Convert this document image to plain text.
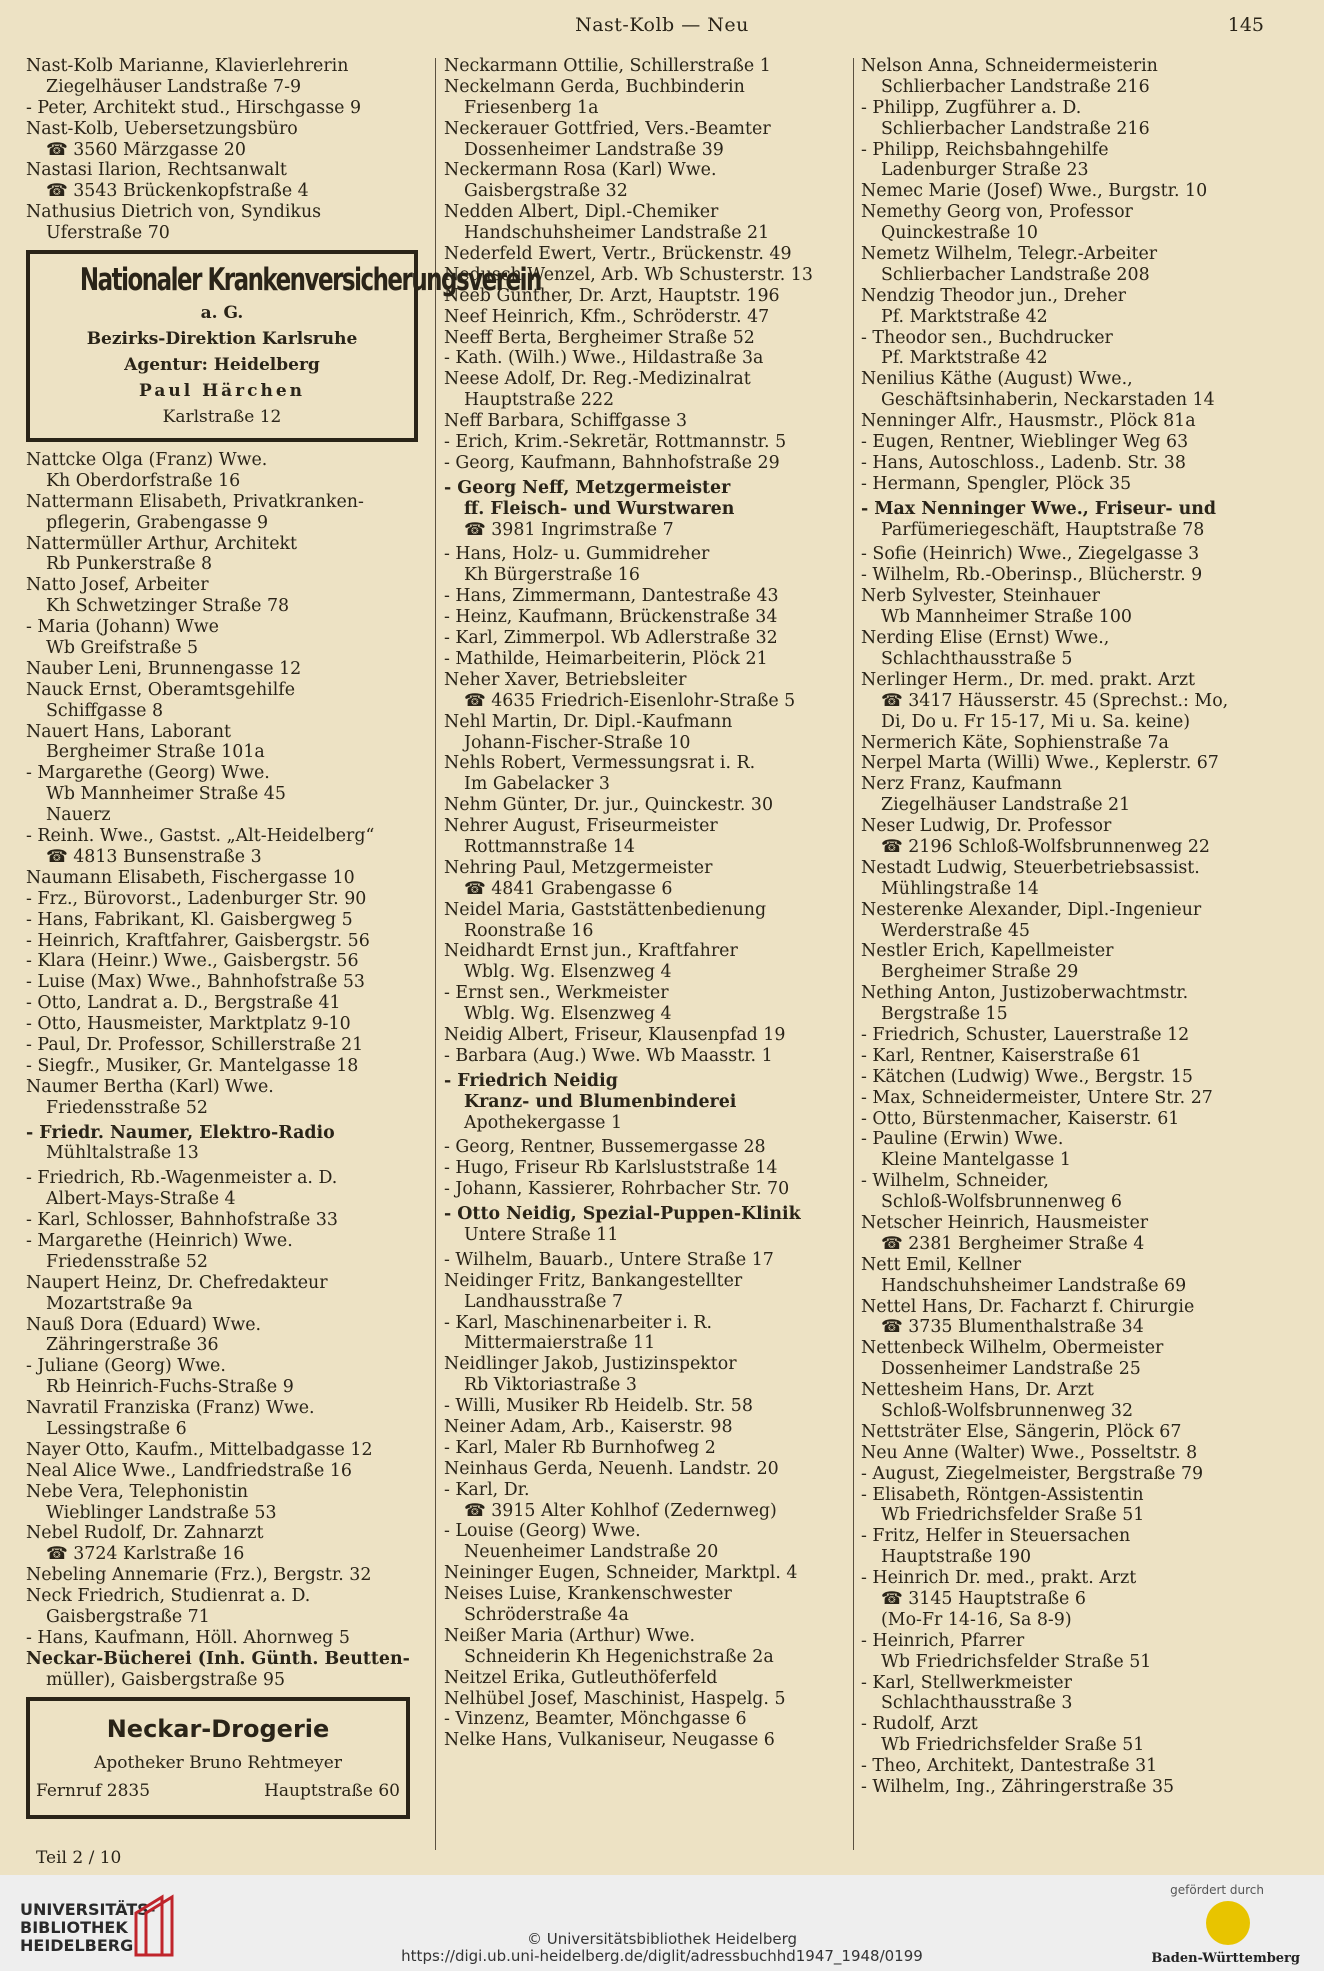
Nast-Kolb — Neu	145
Nast-Kolb Marianne, Klavierlehrerin
Ziegelhäuser Landstraße 7-9
- Peter, Architekt stud., Hirschgasse 9
Nast-Kolb, Uebersetzungsbüro
☎ 3560 Märzgasse 20
Nastasi Ilarion, Rechtsanwalt
☎ 3543 Brückenkopfstraße 4
Nathusius Dietrich von, Syndikus
Uferstraße 70
Nationaler Krankenversicherungsverein
a. G.
Bezirks-Direktion Karlsruhe
Agentur: Heidelberg
Paul Härchen
Karlstraße 12
Nattcke Olga (Franz) Wwe.
Kh Oberdorfstraße 16
Nattermann Elisabeth, Privatkranken-
pflegerin, Grabengasse 9
Nattermüller Arthur, Architekt
Rb Punkerstraße 8
Natto Josef, Arbeiter
Kh Schwetzinger Straße 78
- Maria (Johann) Wwe
Wb Greifstraße 5
Nauber Leni, Brunnengasse 12
Nauck Ernst, Oberamtsgehilfe
Schiffgasse 8
Nauert Hans, Laborant
Bergheimer Straße 101a
- Margarethe (Georg) Wwe.
Wb Mannheimer Straße 45
Nauerz
- Reinh. Wwe., Gastst. „Alt-Heidelberg“
☎ 4813 Bunsenstraße 3
Naumann Elisabeth, Fischergasse 10
- Frz., Bürovorst., Ladenburger Str. 90
- Hans, Fabrikant, Kl. Gaisbergweg 5
- Heinrich, Kraftfahrer, Gaisbergstr. 56
- Klara (Heinr.) Wwe., Gaisbergstr. 56
- Luise (Max) Wwe., Bahnhofstraße 53
- Otto, Landrat a. D., Bergstraße 41
- Otto, Hausmeister, Marktplatz 9-10
- Paul, Dr. Professor, Schillerstraße 21
- Siegfr., Musiker, Gr. Mantelgasse 18
Naumer Bertha (Karl) Wwe.
Friedensstraße 52
- Friedr. Naumer, Elektro-Radio
Mühltalstraße 13
- Friedrich, Rb.-Wagenmeister a. D.
Albert-Mays-Straße 4
- Karl, Schlosser, Bahnhofstraße 33
- Margarethe (Heinrich) Wwe.
Friedensstraße 52
Naupert Heinz, Dr. Chefredakteur
Mozartstraße 9a
Nauß Dora (Eduard) Wwe.
Zähringerstraße 36
- Juliane (Georg) Wwe.
Rb Heinrich-Fuchs-Straße 9
Navratil Franziska (Franz) Wwe.
Lessingstraße 6
Nayer Otto, Kaufm., Mittelbadgasse 12
Neal Alice Wwe., Landfriedstraße 16
Nebe Vera, Telephonistin
Wieblinger Landstraße 53
Nebel Rudolf, Dr. Zahnarzt
☎ 3724 Karlstraße 16
Nebeling Annemarie (Frz.), Bergstr. 32
Neck Friedrich, Studienrat a. D.
Gaisbergstraße 71
- Hans, Kaufmann, Höll. Ahornweg 5
Neckar-Bücherei (Inh. Günth. Beutten-
müller), Gaisbergstraße 95
Neckar-Drogerie
Apotheker Bruno Rehtmeyer
Fernruf 2835	Hauptstraße 60
Neckarmann Ottilie, Schillerstraße 1
Neckelmann Gerda, Buchbinderin
Friesenberg 1a
Neckerauer Gottfried, Vers.-Beamter
Dossenheimer Landstraße 39
Neckermann Rosa (Karl) Wwe.
Gaisbergstraße 32
Nedden Albert, Dipl.-Chemiker
Handschuhsheimer Landstraße 21
Nederfeld Ewert, Vertr., Brückenstr. 49
Nedusch Wenzel, Arb. Wb Schusterstr. 13
Neeb Günther, Dr. Arzt, Hauptstr. 196
Neef Heinrich, Kfm., Schröderstr. 47
Neeff Berta, Bergheimer Straße 52
- Kath. (Wilh.) Wwe., Hildastraße 3a
Neese Adolf, Dr. Reg.-Medizinalrat
Hauptstraße 222
Neff Barbara, Schiffgasse 3
- Erich, Krim.-Sekretär, Rottmannstr. 5
- Georg, Kaufmann, Bahnhofstraße 29
- Georg Neff, Metzgermeister
ff. Fleisch- und Wurstwaren
☎ 3981 Ingrimstraße 7
- Hans, Holz- u. Gummidreher
Kh Bürgerstraße 16
- Hans, Zimmermann, Dantestraße 43
- Heinz, Kaufmann, Brückenstraße 34
- Karl, Zimmerpol. Wb Adlerstraße 32
- Mathilde, Heimarbeiterin, Plöck 21
Neher Xaver, Betriebsleiter
☎ 4635 Friedrich-Eisenlohr-Straße 5
Nehl Martin, Dr. Dipl.-Kaufmann
Johann-Fischer-Straße 10
Nehls Robert, Vermessungsrat i. R.
Im Gabelacker 3
Nehm Günter, Dr. jur., Quinckestr. 30
Nehrer August, Friseurmeister
Rottmannstraße 14
Nehring Paul, Metzgermeister
☎ 4841 Grabengasse 6
Neidel Maria, Gaststättenbedienung
Roonstraße 16
Neidhardt Ernst jun., Kraftfahrer
Wblg. Wg. Elsenzweg 4
- Ernst sen., Werkmeister
Wblg. Wg. Elsenzweg 4
Neidig Albert, Friseur, Klausenpfad 19
- Barbara (Aug.) Wwe. Wb Maasstr. 1
- Friedrich Neidig
Kranz- und Blumenbinderei
Apothekergasse 1
- Georg, Rentner, Bussemergasse 28
- Hugo, Friseur Rb Karlsluststraße 14
- Johann, Kassierer, Rohrbacher Str. 70
- Otto Neidig, Spezial-Puppen-Klinik
Untere Straße 11
- Wilhelm, Bauarb., Untere Straße 17
Neidinger Fritz, Bankangestellter
Landhausstraße 7
- Karl, Maschinenarbeiter i. R.
Mittermaierstraße 11
Neidlinger Jakob, Justizinspektor
Rb Viktoriastraße 3
- Willi, Musiker Rb Heidelb. Str. 58
Neiner Adam, Arb., Kaiserstr. 98
- Karl, Maler Rb Burnhofweg 2
Neinhaus Gerda, Neuenh. Landstr. 20
- Karl, Dr.
☎ 3915 Alter Kohlhof (Zedernweg)
- Louise (Georg) Wwe.
Neuenheimer Landstraße 20
Neininger Eugen, Schneider, Marktpl. 4
Neises Luise, Krankenschwester
Schröderstraße 4a
Neißer Maria (Arthur) Wwe.
Schneiderin Kh Hegenichstraße 2a
Neitzel Erika, Gutleuthöferfeld
Nelhübel Josef, Maschinist, Haspelg. 5
- Vinzenz, Beamter, Mönchgasse 6
Nelke Hans, Vulkaniseur, Neugasse 6
Nelson Anna, Schneidermeisterin
Schlierbacher Landstraße 216
- Philipp, Zugführer a. D.
Schlierbacher Landstraße 216
- Philipp, Reichsbahngehilfe
Ladenburger Straße 23
Nemec Marie (Josef) Wwe., Burgstr. 10
Nemethy Georg von, Professor
Quinckestraße 10
Nemetz Wilhelm, Telegr.-Arbeiter
Schlierbacher Landstraße 208
Nendzig Theodor jun., Dreher
Pf. Marktstraße 42
- Theodor sen., Buchdrucker
Pf. Marktstraße 42
Nenilius Käthe (August) Wwe.,
Geschäftsinhaberin, Neckarstaden 14
Nenninger Alfr., Hausmstr., Plöck 81a
- Eugen, Rentner, Wieblinger Weg 63
- Hans, Autoschloss., Ladenb. Str. 38
- Hermann, Spengler, Plöck 35
- Max Nenninger Wwe., Friseur- und
Parfümeriegeschäft, Hauptstraße 78
- Sofie (Heinrich) Wwe., Ziegelgasse 3
- Wilhelm, Rb.-Oberinsp., Blücherstr. 9
Nerb Sylvester, Steinhauer
Wb Mannheimer Straße 100
Nerding Elise (Ernst) Wwe.,
Schlachthausstraße 5
Nerlinger Herm., Dr. med. prakt. Arzt
☎ 3417 Häusserstr. 45 (Sprechst.: Mo,
Di, Do u. Fr 15-17, Mi u. Sa. keine)
Nermerich Käte, Sophienstraße 7a
Nerpel Marta (Willi) Wwe., Keplerstr. 67
Nerz Franz, Kaufmann
Ziegelhäuser Landstraße 21
Neser Ludwig, Dr. Professor
☎ 2196 Schloß-Wolfsbrunnenweg 22
Nestadt Ludwig, Steuerbetriebsassist.
Mühlingstraße 14
Nesterenke Alexander, Dipl.-Ingenieur
Werderstraße 45
Nestler Erich, Kapellmeister
Bergheimer Straße 29
Nething Anton, Justizoberwachtmstr.
Bergstraße 15
- Friedrich, Schuster, Lauerstraße 12
- Karl, Rentner, Kaiserstraße 61
- Kätchen (Ludwig) Wwe., Bergstr. 15
- Max, Schneidermeister, Untere Str. 27
- Otto, Bürstenmacher, Kaiserstr. 61
- Pauline (Erwin) Wwe.
Kleine Mantelgasse 1
- Wilhelm, Schneider,
Schloß-Wolfsbrunnenweg 6
Netscher Heinrich, Hausmeister
☎ 2381 Bergheimer Straße 4
Nett Emil, Kellner
Handschuhsheimer Landstraße 69
Nettel Hans, Dr. Facharzt f. Chirurgie
☎ 3735 Blumenthalstraße 34
Nettenbeck Wilhelm, Obermeister
Dossenheimer Landstraße 25
Nettesheim Hans, Dr. Arzt
Schloß-Wolfsbrunnenweg 32
Nettsträter Else, Sängerin, Plöck 67
Neu Anne (Walter) Wwe., Posseltstr. 8
- August, Ziegelmeister, Bergstraße 79
- Elisabeth, Röntgen-Assistentin
Wb Friedrichsfelder Sraße 51
- Fritz, Helfer in Steuersachen
Hauptstraße 190
- Heinrich Dr. med., prakt. Arzt
☎ 3145 Hauptstraße 6
(Mo-Fr 14-16, Sa 8-9)
- Heinrich, Pfarrer
Wb Friedrichsfelder Straße 51
- Karl, Stellwerkmeister
Schlachthausstraße 3
- Rudolf, Arzt
Wb Friedrichsfelder Sraße 51
- Theo, Architekt, Dantestraße 31
- Wilhelm, Ing., Zähringerstraße 35
Teil 2 / 10
UNIVERSITÄTS-
BIBLIOTHEK
HEIDELBERG	© Universitätsbibliothek Heidelberg
https://digi.ub.uni-heidelberg.de/diglit/adressbuchhd1947_1948/0199
gefördert durch
Baden-Württemberg
